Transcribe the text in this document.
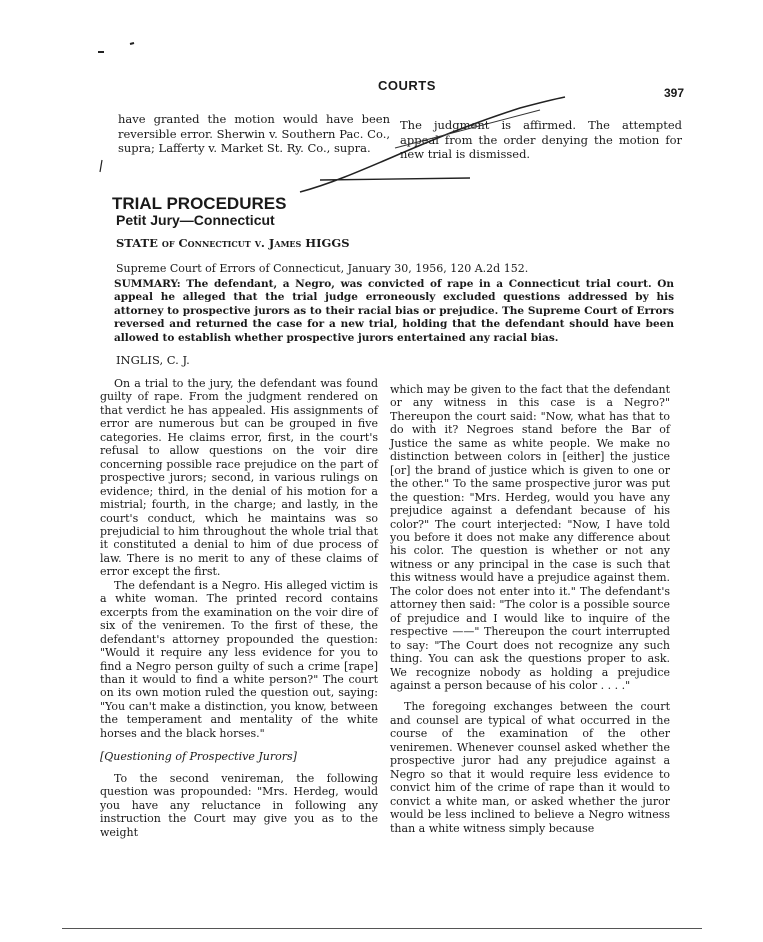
COURTS	397
have granted the motion would have been reversible error. Sherwin v. Southern Pac. Co., supra; Lafferty v. Market St. Ry. Co., supra.
The judgment is affirmed. The attempted appeal from the order denying the motion for new trial is dismissed.
TRIAL PROCEDURES
Petit Jury—Connecticut
STATE of Connecticut v. James HIGGS
Supreme Court of Errors of Connecticut, January 30, 1956, 120 A.2d 152.
SUMMARY: The defendant, a Negro, was convicted of rape in a Connecticut trial court. On appeal he alleged that the trial judge erroneously excluded questions addressed by his attorney to prospective jurors as to their racial bias or prejudice. The Supreme Court of Errors reversed and returned the case for a new trial, holding that the defendant should have been allowed to establish whether prospective jurors entertained any racial bias.
INGLIS, C. J.

On a trial to the jury, the defendant was found guilty of rape. From the judgment rendered on that verdict he has appealed. His assignments of error are numerous but can be grouped in five categories. He claims error, first, in the court's refusal to allow questions on the voir dire concerning possible race prejudice on the part of prospective jurors; second, in various rulings on evidence; third, in the denial of his motion for a mistrial; fourth, in the charge; and lastly, in the court's conduct, which he maintains was so prejudicial to him throughout the whole trial that it constituted a denial to him of due process of law. There is no merit to any of these claims of error except the first.

The defendant is a Negro. His alleged victim is a white woman. The printed record contains excerpts from the examination on the voir dire of six of the veniremen. To the first of these, the defendant's attorney propounded the question: "Would it require any less evidence for you to find a Negro person guilty of such a crime [rape] than it would to find a white person?" The court on its own motion ruled the question out, saying: "You can't make a distinction, you know, between the temperament and mentality of the white horses and the black horses."

[Questioning of Prospective Jurors]

To the second venireman, the following question was propounded: "Mrs. Herdeg, would you have any reluctance in following any instruction the Court may give you as to the weight

which may be given to the fact that the defendant or any witness in this case is a Negro?" Thereupon the court said: "Now, what has that to do with it? Negroes stand before the Bar of Justice the same as white people. We make no distinction between colors in [either] the justice [or] the brand of justice which is given to one or the other." To the same prospective juror was put the question: "Mrs. Herdeg, would you have any prejudice against a defendant because of his color?" The court interjected: "Now, I have told you before it does not make any difference about his color. The question is whether or not any witness or any principal in the case is such that this witness would have a prejudice against them. The color does not enter into it." The defendant's attorney then said: "The color is a possible source of prejudice and I would like to inquire of the respective ——" Thereupon the court interrupted to say: "The Court does not recognize any such thing. You can ask the questions proper to ask. We recognize nobody as holding a prejudice against a person because of his color . . . ."

The foregoing exchanges between the court and counsel are typical of what occurred in the course of the examination of the other veniremen. Whenever counsel asked whether the prospective juror had any prejudice against a Negro so that it would require less evidence to convict him of the crime of rape than it would to convict a white man, or asked whether the juror would be less inclined to believe a Negro witness than a white witness simply because
